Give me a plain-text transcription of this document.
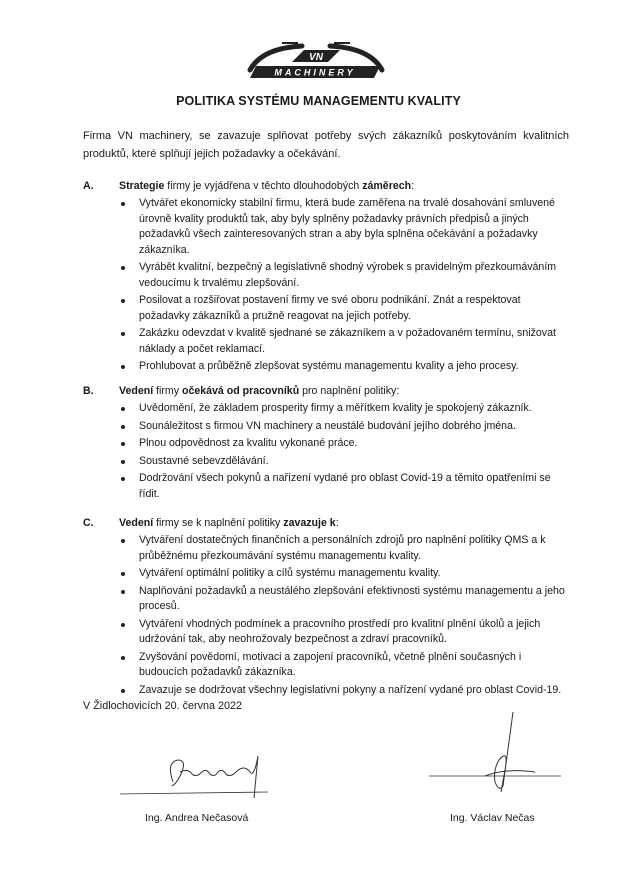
VN
MACHINERY
POLITIKA SYSTÉMU MANAGEMENTU KVALITY
Firma VN machinery, se zavazuje splňovat potřeby svých zákazníků poskytováním kvalitních produktů, které splňují jejich požadavky a očekávání.
A. Strategie firmy je vyjádřena v těchto dlouhodobých záměrech:
Vytvářet ekonomicky stabilní firmu, která bude zaměřena na trvalé dosahování smluvené úrovně kvality produktů tak, aby byly splněny požadavky právních předpisů a jiných požadavků všech zainteresovaných stran a aby byla splněna očekávání a požadavky zákazníka.
Vyrábět kvalitní, bezpečný a legislativně shodný výrobek s pravidelným přezkoumáváním vedoucímu k trvalému zlepšování.
Posilovat a rozšiřovat postavení firmy ve své oboru podnikání. Znát a respektovat požadavky zákazníků a pružně reagovat na jejich potřeby.
Zakázku odevzdat v kvalitě sjednané se zákazníkem a v požadovaném termínu, snižovat náklady a počet reklamací.
Prohlubovat a průběžně zlepšovat systému managementu kvality a jeho procesy.
B. Vedení firmy očekává od pracovníků pro naplnění politiky:
Uvědomění, že základem prosperity firmy a měřítkem kvality je spokojený zákazník.
Sounáležitost s firmou VN machinery a neustálé budování jejího dobrého jména.
Plnou odpovědnost za kvalitu vykonané práce.
Soustavné sebevzdělávání.
Dodržování všech pokynů a nařízení vydané pro oblast Covid-19 a těmito opatřeními se řídit.
C. Vedení firmy se k naplnění politiky zavazuje k:
Vytváření dostatečných finančních a personálních zdrojů pro naplnění politiky QMS a k průběžnému přezkoumávání systému managementu kvality.
Vytváření optimální politiky a cílů systému managementu kvality.
Naplňování požadavků a neustálého zlepšování efektivnosti systému managementu a jeho procesů.
Vytváření vhodných podmínek a pracovního prostředí pro kvalitní plnění úkolů a jejich udržování tak, aby neohrožovaly bezpečnost a zdraví pracovníků.
Zvyšování povědomí, motivaci a zapojení pracovníků, včetně plnění současných i budoucích požadavků zákazníka.
Zavazuje se dodržovat všechny legislativní pokyny a nařízení vydané pro oblast Covid-19.
V Židlochovicích 20. června 2022
Ing. Andrea Nečasová	Ing. Václav Nečas
